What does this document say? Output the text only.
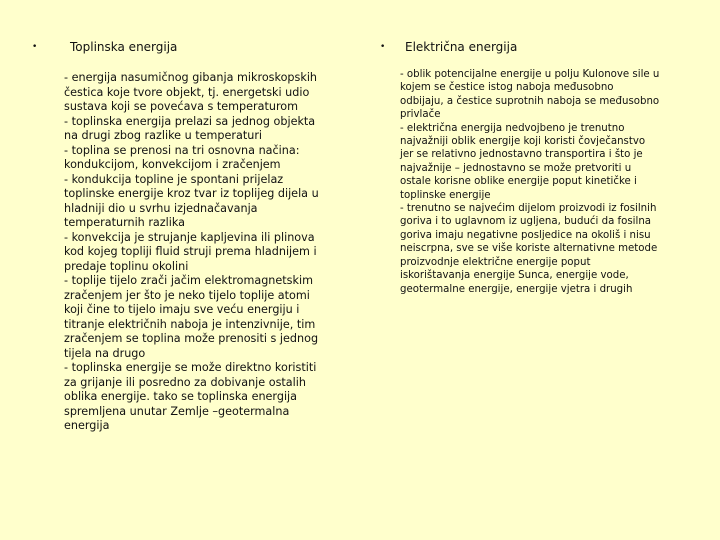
•	Toplinska energija
- energija nasumičnog gibanja mikroskopskih
čestica koje tvore objekt, tj. energetski udio
sustava koji se povećava s temperaturom
- toplinska energija prelazi sa jednog objekta
na drugi zbog razlike u temperaturi
- toplina se prenosi na tri osnovna načina:
kondukcijom, konvekcijom i zračenjem
- kondukcija topline je spontani prijelaz
toplinske energije kroz tvar iz toplijeg dijela u
hladniji dio u svrhu izjednačavanja
temperaturnih razlika
- konvekcija je strujanje kapljevina ili plinova
kod kojeg topliji fluid struji prema hladnijem i
predaje toplinu okolini
- toplije tijelo zrači jačim elektromagnetskim
zračenjem jer što je neko tijelo toplije atomi
koji čine to tijelo imaju sve veću energiju i
titranje električnih naboja je intenzivnije, tim
zračenjem se toplina može prenositi s jednog
tijela na drugo
- toplinska energije se može direktno koristiti
za grijanje ili posredno za dobivanje ostalih
oblika energije. tako se toplinska energija
spremljena unutar Zemlje –geotermalna
energija
• Električna energija
- oblik potencijalne energije u polju Kulonove sile u
kojem se čestice istog naboja međusobno
odbijaju, a čestice suprotnih naboja se međusobno
privlače
- električna energija nedvojbeno je trenutno
najvažniji oblik energije koji koristi čovječanstvo
jer se relativno jednostavno transportira i što je
najvažnije – jednostavno se može pretvoriti u
ostale korisne oblike energije poput kinetičke i
toplinske energije
- trenutno se najvećim dijelom proizvodi iz fosilnih
goriva i to uglavnom iz ugljena, budući da fosilna
goriva imaju negativne posljedice na okoliš i nisu
neiscrpna, sve se više koriste alternativne metode
proizvodnje električne energije poput
iskorištavanja energije Sunca, energije vode,
geotermalne energije, energije vjetra i drugih
